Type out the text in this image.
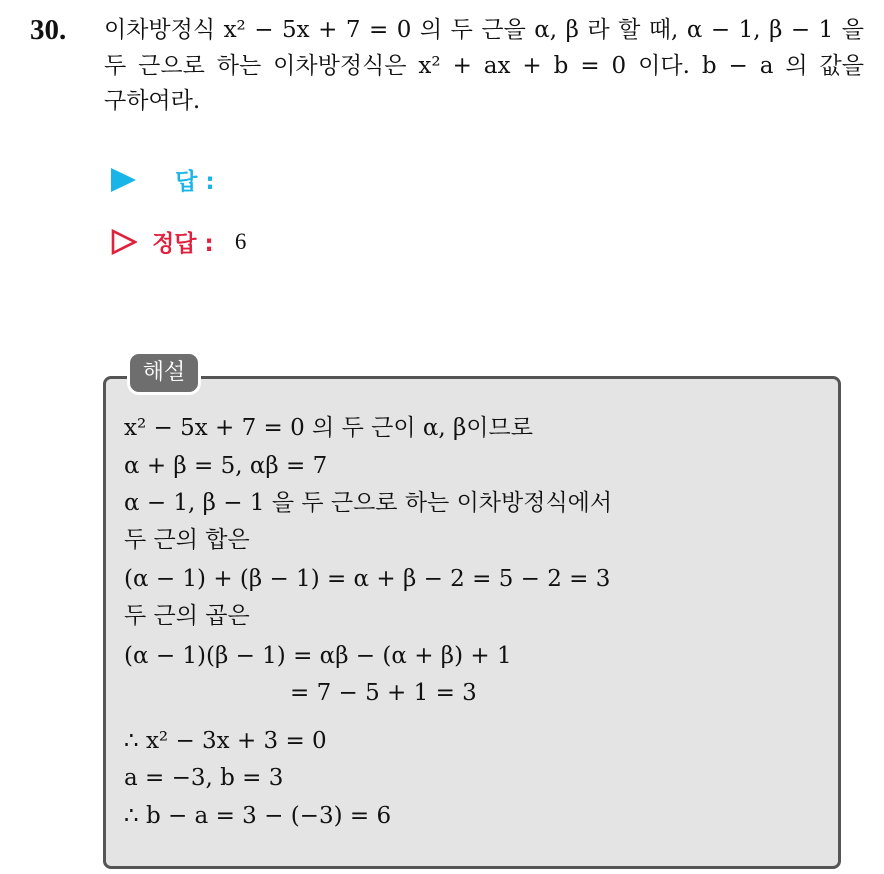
30. 이차방정식 x² − 5x + 7 = 0 의 두 근을 α, β 라 할 때, α − 1, β − 1 을
두 근으로 하는 이차방정식은 x² + ax + b = 0 이다. b − a 의 값을
구하여라.
답 :
정답 : 6
해설
x² − 5x + 7 = 0 의 두 근이 α, β이므로
α + β = 5, αβ = 7
α − 1, β − 1 을 두 근으로 하는 이차방정식에서
두 근의 합은
(α − 1) + (β − 1) = α + β − 2 = 5 − 2 = 3
두 근의 곱은
(α − 1)(β − 1) = αβ − (α + β) + 1
= 7 − 5 + 1 = 3
∴ x² − 3x + 3 = 0
a = −3, b = 3
∴ b − a = 3 − (−3) = 6
